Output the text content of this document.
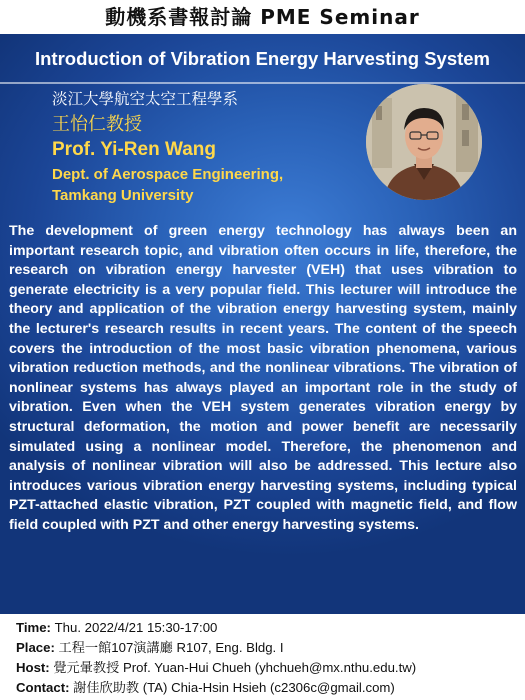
動機系書報討論 PME Seminar
Introduction of Vibration Energy Harvesting System
淡江大學航空太空工程學系
王怡仁教授
Prof. Yi-Ren Wang
Dept. of Aerospace Engineering,
Tamkang University
The development of green energy technology has always been an important research topic, and vibration often occurs in life, therefore, the research on vibration energy harvester (VEH) that uses vibration to generate electricity is a very popular field. This lecturer will introduce the theory and application of the vibration energy harvesting system, mainly the lecturer's research results in recent years. The content of the speech covers the introduction of the most basic vibration phenomena, various vibration reduction methods, and the nonlinear vibrations. The vibration of nonlinear systems has always played an important role in the study of vibration. Even when the VEH system generates vibration energy by structural deformation, the motion and power benefit are necessarily simulated using a nonlinear model. Therefore, the phenomenon and analysis of nonlinear vibration will also be addressed. This lecture also introduces various vibration energy harvesting systems, including typical PZT-attached elastic vibration, PZT coupled with magnetic field, and flow field coupled with PZT and other energy harvesting systems.
Time: Thu. 2022/4/21 15:30-17:00
Place: 工程一館107演講廳 R107, Eng. Bldg. I
Host: 覺元暈教授 Prof. Yuan-Hui Chueh (yhchueh@mx.nthu.edu.tw)
Contact: 謝佳欣助教 (TA) Chia-Hsin Hsieh (c2306c@gmail.com)
